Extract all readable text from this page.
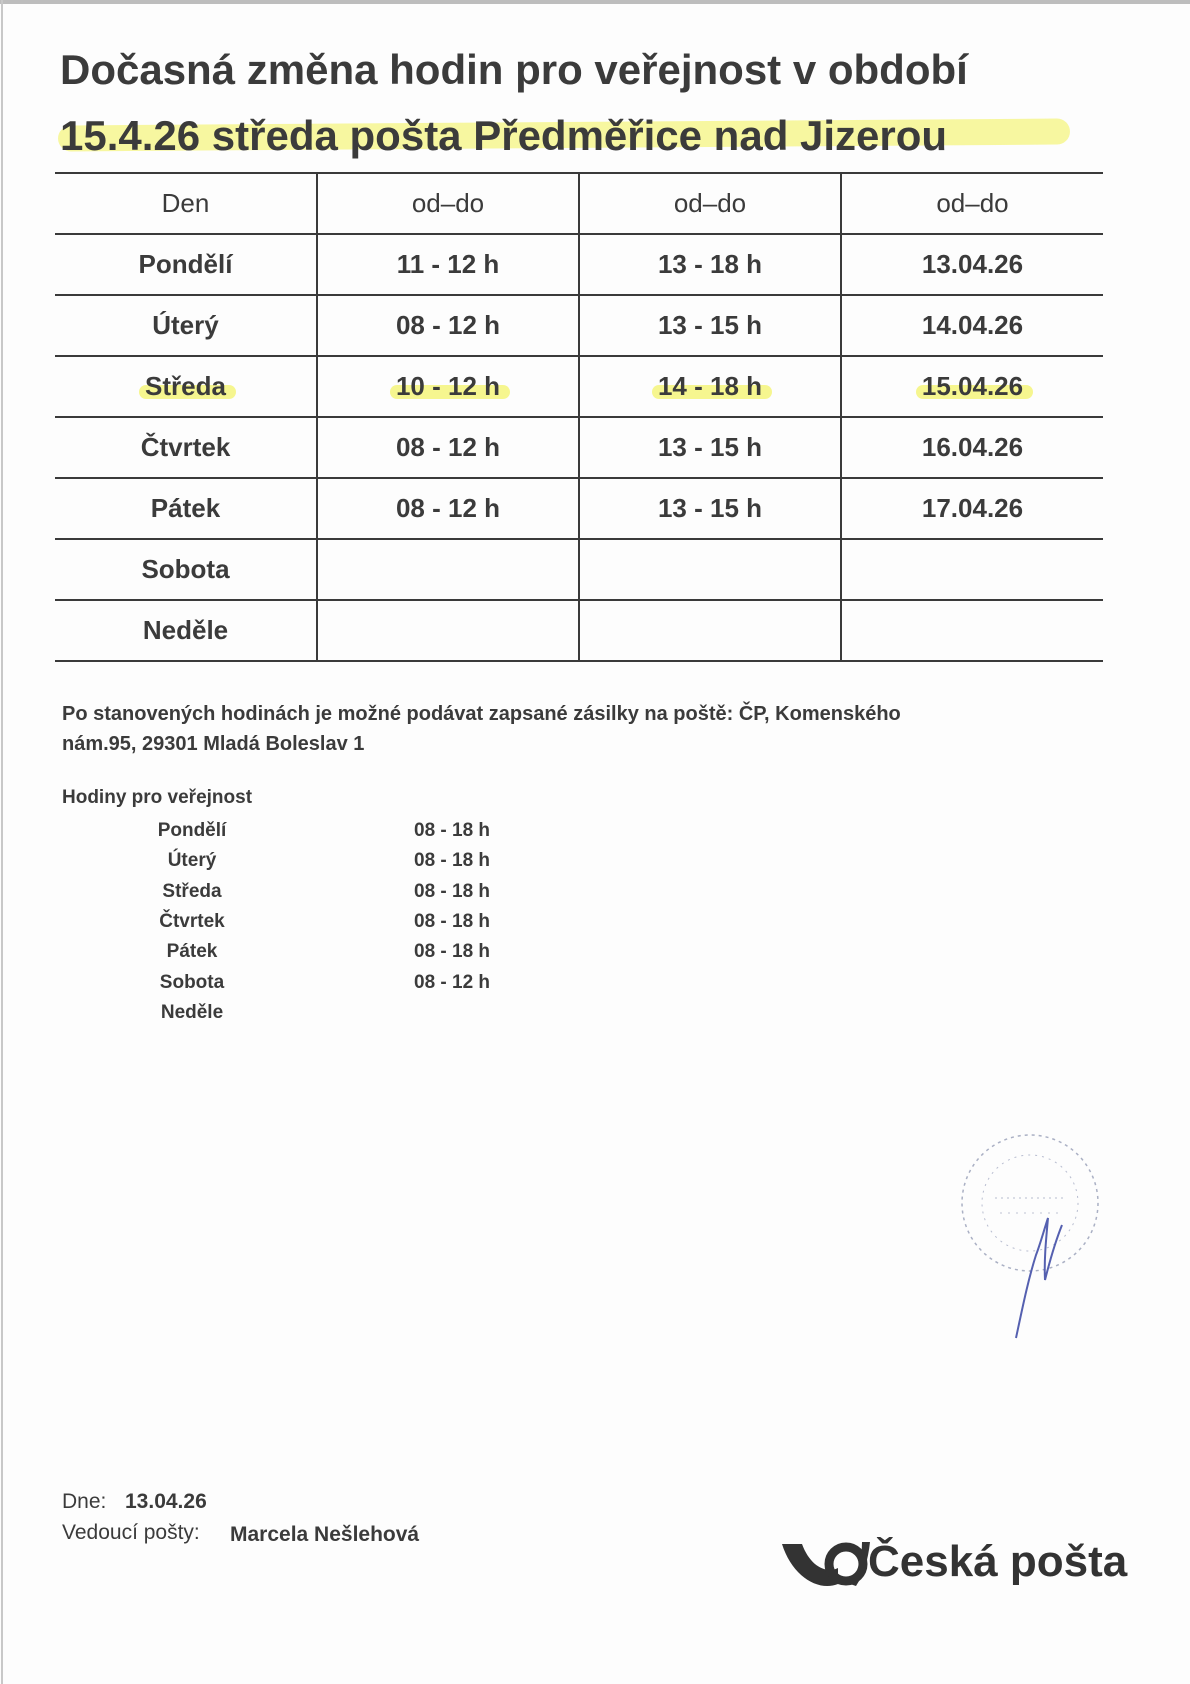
Dočasná změna hodin pro veřejnost v období
15.4.26 středa pošta Předměřice nad Jizerou
Den	od–do	od–do	od–do
Pondělí	11 - 12 h	13 - 18 h	13.04.26
Úterý	08 - 12 h	13 - 15 h	14.04.26

Středa	10 - 12 h	14 - 18 h	15.04.26
Čtvrtek	08 - 12 h	13 - 15 h	16.04.26
Pátek	08 - 12 h	13 - 15 h	17.04.26
Sobota			
Neděle			
Po stanovených hodinách je možné podávat zapsané zásilky na poště: ČP, Komenského
nám.95, 29301 Mladá Boleslav 1
Hodiny pro veřejnost
Pondělí	08 - 18 h
Úterý	08 - 18 h
Středa	08 - 18 h
Čtvrtek	08 - 18 h
Pátek	08 - 18 h
Sobota	08 - 12 h
Neděle
Dne: 13.04.26
Vedoucí pošty: Marcela Nešlehová
Česká pošta
